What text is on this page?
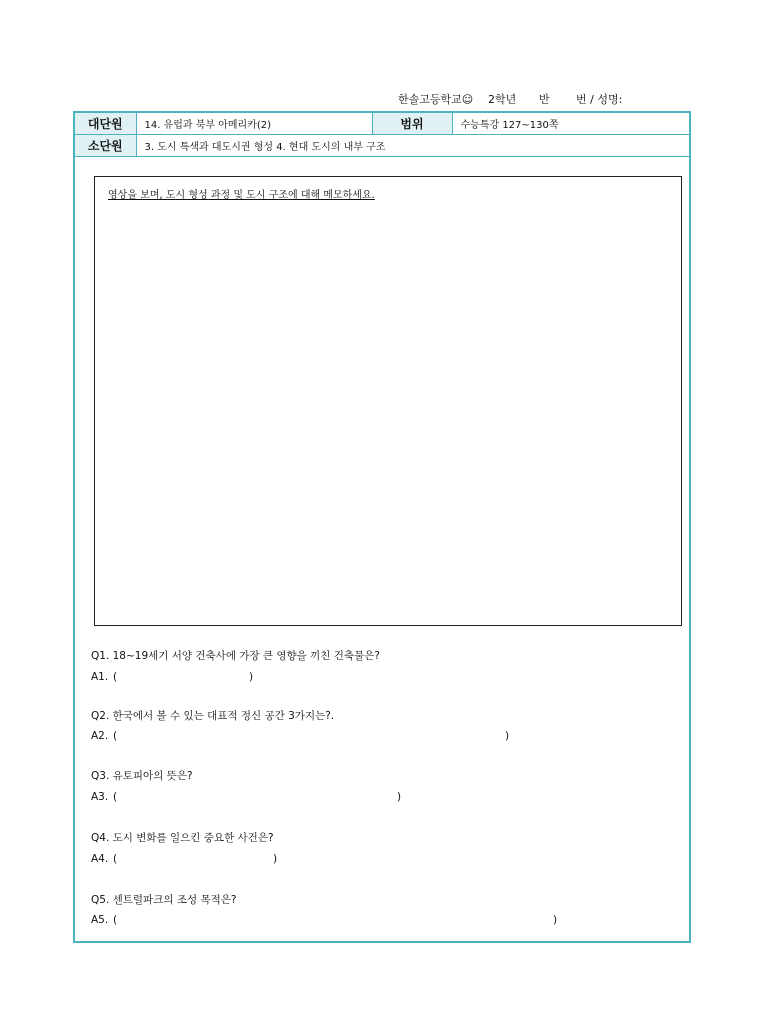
한솔고등학교☺ 2학년 반 번 / 성명:
대단원	14. 유럽과 북부 아메리카(2)	범위	수능특강 127~130쪽
소단원	3. 도시 특색과 대도시권 형성 4. 현대 도시의 내부 구조		
영상을 보며, 도시 형성 과정 및 도시 구조에 대해 메모하세요.
Q1. 18~19세기 서양 건축사에 가장 큰 영향을 끼친 건축물은?
A1. (	)
Q2. 한국에서 볼 수 있는 대표적 정신 공간 3가지는?.
A2. (	)
Q3. 유토피아의 뜻은?
A3. (	)
Q4. 도시 변화를 일으킨 중요한 사건은?
A4. (	)
Q5. 센트럴파크의 조성 목적은?
A5. (	)
